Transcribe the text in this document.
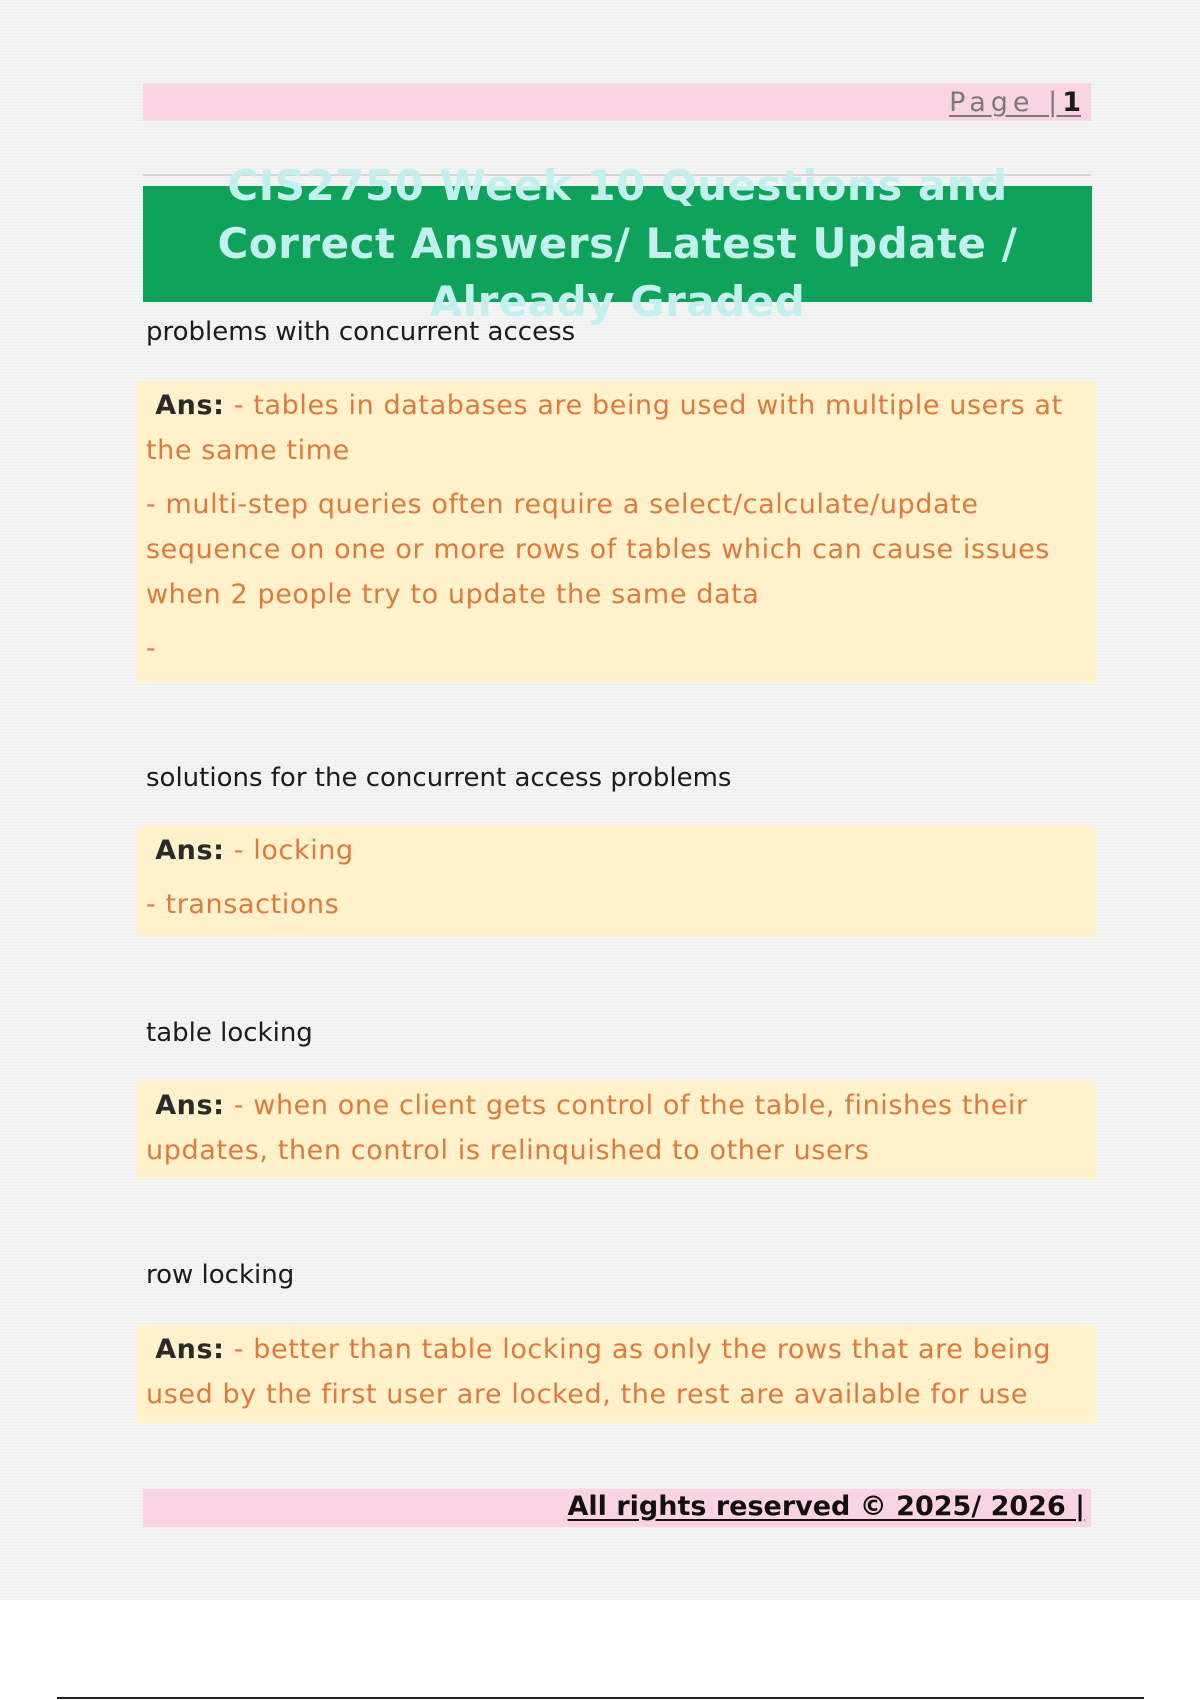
Page |1
CIS2750 Week 10 Questions and Correct Answers/ Latest Update / Already Graded
problems with concurrent access

Ans: - tables in databases are being used with multiple users at the same time

- multi-step queries often require a select/calculate/update sequence on one or more rows of tables which can cause issues when 2 people try to update the same data

-

solutions for the concurrent access problems

Ans: - locking

- transactions

table locking

Ans: - when one client gets control of the table, finishes their updates, then control is relinquished to other users

row locking

Ans: - better than table locking as only the rows that are being used by the first user are locked, the rest are available for use

All rights reserved © 2025/ 2026 |
